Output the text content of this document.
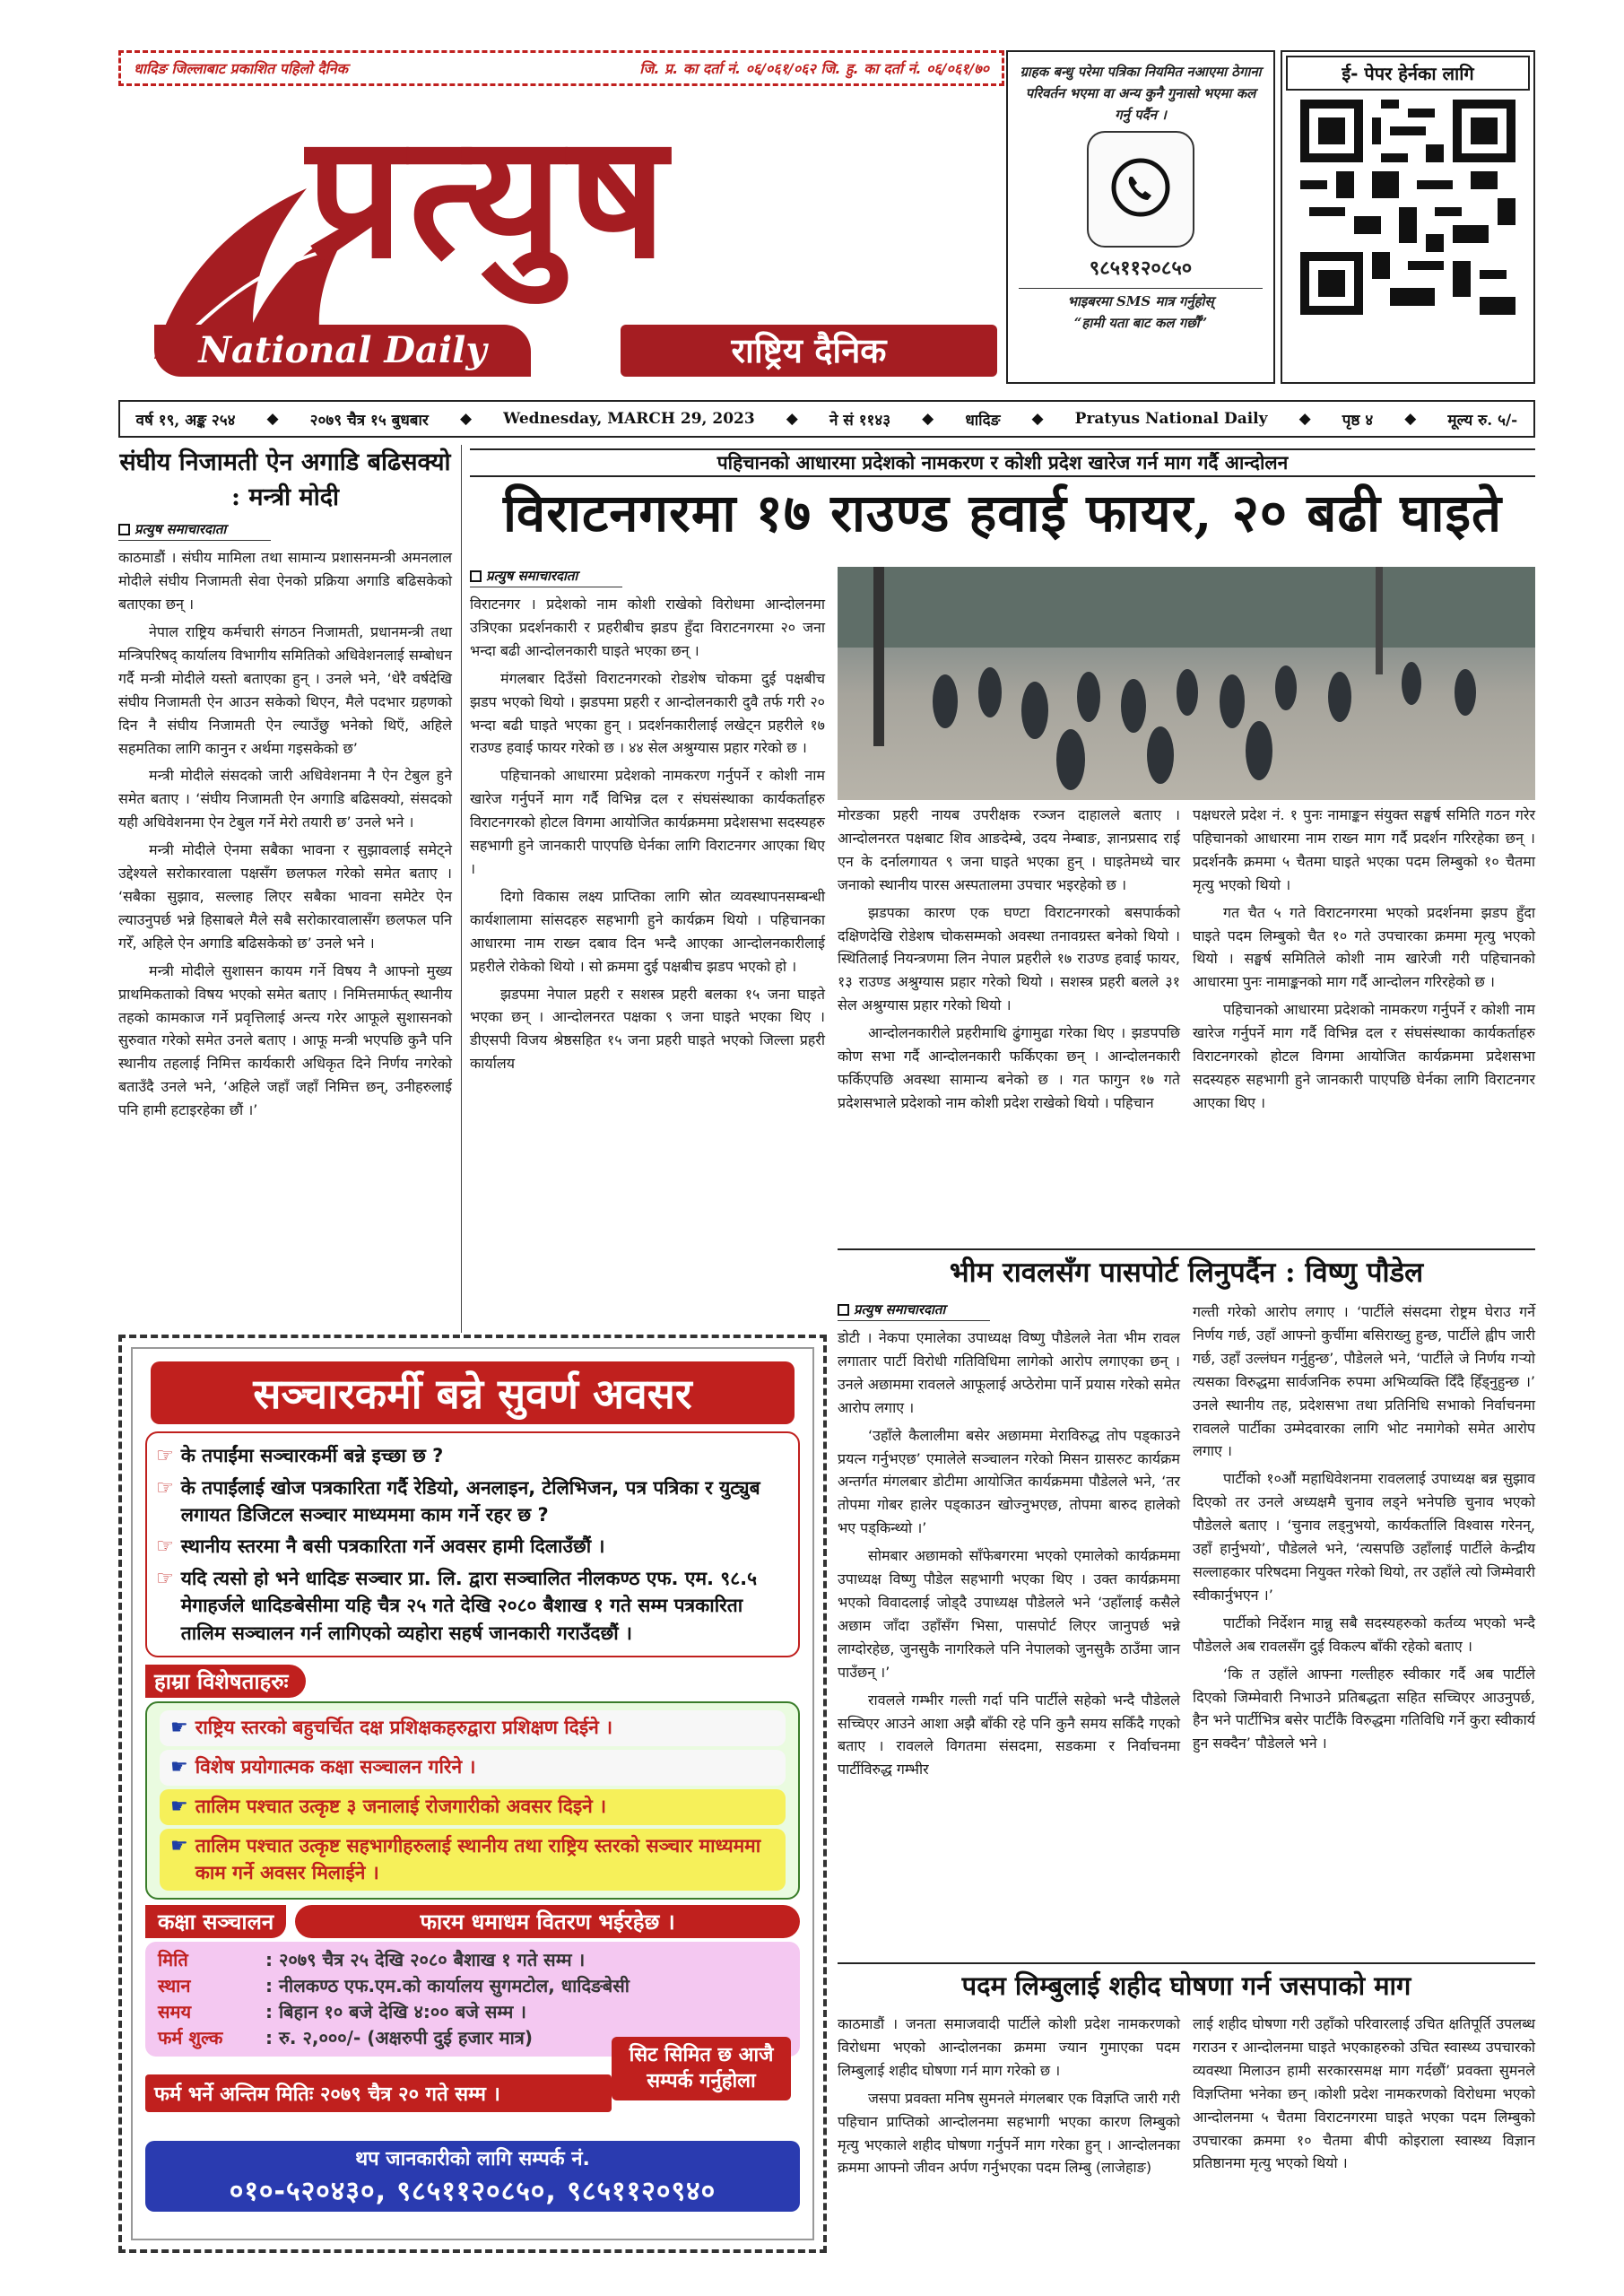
धादिङ जिल्लाबाट प्रकाशित पहिलो दैनिक	जि. प्र. का दर्ता नं. ०६/०६१/०६२ जि. हु. का दर्ता नं. ०६/०६१/७०
प्रत्युष
National Daily	राष्ट्रिय दैनिक
ग्राहक बन्धु परेमा पत्रिका नियमित नआएमा ठेगाना परिवर्तन भएमा वा अन्य कुनै गुनासो भएमा कल गर्नु पर्दैन ।
९८५११२०८५०
भाइबरमा SMS मात्र गर्नुहोस्
“हामी यता बाट कल गर्छौं”
ई- पेपर हेर्नका लागि
वर्ष १९, अङ्क २५४ ◆ २०७९ चैत्र १५ बुधबार ◆ Wednesday, MARCH 29, 2023 ◆ ने सं ११४३ ◆ धादिङ ◆ Pratyus National Daily ◆ पृष्ठ ४ ◆ मूल्य रु. ५/-
संघीय निजामती ऐन अगाडि बढिसक्यो : मन्त्री मोदी
प्रत्युष समाचारदाता

काठमाडौं । संघीय मामिला तथा सामान्य प्रशासनमन्त्री अमनलाल मोदीले संघीय निजामती सेवा ऐनको प्रक्रिया अगाडि बढिसकेको बताएका छन् ।

नेपाल राष्ट्रिय कर्मचारी संगठन निजामती, प्रधानमन्त्री तथा मन्त्रिपरिषद् कार्यालय विभागीय समितिको अधिवेशनलाई सम्बोधन गर्दै मन्त्री मोदीले यस्तो बताएका हुन् । उनले भने, ‘धेरै वर्षदेखि संघीय निजामती ऐन आउन सकेको थिएन, मैले पदभार ग्रहणको दिन नै संघीय निजामती ऐन ल्याउँछु भनेको थिएँ, अहिले सहमतिका लागि कानुन र अर्थमा गइसकेको छ’

मन्त्री मोदीले संसदको जारी अधिवेशनमा नै ऐन टेबुल हुने समेत बताए । ‘संघीय निजामती ऐन अगाडि बढिसक्यो, संसदको यही अधिवेशनमा ऐन टेबुल गर्ने मेरो तयारी छ’ उनले भने ।

मन्त्री मोदीले ऐनमा सबैका भावना र सुझावलाई समेट्ने उद्देश्यले सरोकारवाला पक्षसँग छलफल गरेको समेत बताए । ‘सबैका सुझाव, सल्लाह लिएर सबैका भावना समेटेर ऐन ल्याउनुपर्छ भन्ने हिसाबले मैले सबै सरोकारवालासँग छलफल पनि गरेँ, अहिले ऐन अगाडि बढिसकेको छ’ उनले भने ।

मन्त्री मोदीले सुशासन कायम गर्ने विषय नै आफ्नो मुख्य प्राथमिकताको विषय भएको समेत बताए । निमित्तमार्फत् स्थानीय तहको कामकाज गर्ने प्रवृत्तिलाई अन्त्य गरेर आफूले सुशासनको सुरुवात गरेको समेत उनले बताए । आफू मन्त्री भएपछि कुनै पनि स्थानीय तहलाई निमित्त कार्यकारी अधिकृत दिने निर्णय नगरेको बताउँदै उनले भने, ‘अहिले जहाँ जहाँ निमित्त छन्, उनीहरुलाई पनि हामी हटाइरहेका छौं ।’

पहिचानको आधारमा प्रदेशको नामकरण र कोशी प्रदेश खारेज गर्न माग गर्दै आन्दोलन
विराटनगरमा १७ राउण्ड हवाई फायर, २० बढी घाइते
प्रत्युष समाचारदाता

विराटनगर । प्रदेशको नाम कोशी राखेको विरोधमा आन्दोलनमा उत्रिएका प्रदर्शनकारी र प्रहरीबीच झडप हुँदा विराटनगरमा २० जना भन्दा बढी आन्दोलनकारी घाइते भएका छन् ।

मंगलबार दिउँसो विराटनगरको रोडशेष चोकमा दुई पक्षबीच झडप भएको थियो । झडपमा प्रहरी र आन्दोलनकारी दुवै तर्फ गरी २० भन्दा बढी घाइते भएका हुन् । प्रदर्शनकारीलाई लखेट्न प्रहरीले १७ राउण्ड हवाई फायर गरेको छ । ४४ सेल अश्रुग्यास प्रहार गरेको छ ।

पहिचानको आधारमा प्रदेशको नामकरण गर्नुपर्ने र कोशी नाम खारेज गर्नुपर्ने माग गर्दै विभिन्न दल र संघसंस्थाका कार्यकर्ताहरु विराटनगरको होटल विगमा आयोजित कार्यक्रममा प्रदेशसभा सदस्यहरु सहभागी हुने जानकारी पाएपछि घेर्नका लागि विराटनगर आएका थिए ।

दिगो विकास लक्ष्य प्राप्तिका लागि स्रोत व्यवस्थापनसम्बन्धी कार्यशालामा सांसदहरु सहभागी हुने कार्यक्रम थियो । पहिचानका आधारमा नाम राख्न दबाव दिन भन्दै आएका आन्दोलनकारीलाई प्रहरीले रोकेको थियो । सो क्रममा दुई पक्षबीच झडप भएको हो ।

झडपमा नेपाल प्रहरी र सशस्त्र प्रहरी बलका १५ जना घाइते भएका छन् । आन्दोलनरत पक्षका ९ जना घाइते भएका थिए । डीएसपी विजय श्रेष्ठसहित १५ जना प्रहरी घाइते भएको जिल्ला प्रहरी कार्यालय

मोरङका प्रहरी नायब उपरीक्षक रञ्जन दाहालले बताए । आन्दोलनरत पक्षबाट शिव आङदेम्बे, उदय नेम्बाङ, ज्ञानप्रसाद राई एन के दर्नालगायत ९ जना घाइते भएका हुन् । घाइतेमध्ये चार जनाको स्थानीय पारस अस्पतालमा उपचार भइरहेको छ ।

झडपका कारण एक घण्टा विराटनगरको बसपार्कको दक्षिणदेखि रोडेशष चोकसम्मको अवस्था तनावग्रस्त बनेको थियो । स्थितिलाई नियन्त्रणमा लिन नेपाल प्रहरीले १७ राउण्ड हवाई फायर, १३ राउण्ड अश्रुग्यास प्रहार गरेको थियो । सशस्त्र प्रहरी बलले ३१ सेल अश्रुग्यास प्रहार गरेको थियो ।

आन्दोलनकारीले प्रहरीमाथि ढुंगामुढा गरेका थिए । झडपपछि कोण सभा गर्दै आन्दोलनकारी फर्किएका छन् । आन्दोलनकारी फर्किएपछि अवस्था सामान्य बनेको छ । गत फागुन १७ गते प्रदेशसभाले प्रदेशको नाम कोशी प्रदेश राखेको थियो । पहिचान

पक्षधरले प्रदेश नं. १ पुनः नामाङ्कन संयुक्त सङ्घर्ष समिति गठन गरेर पहिचानको आधारमा नाम राख्न माग गर्दै प्रदर्शन गरिरहेका छन् । प्रदर्शनकै क्रममा ५ चैतमा घाइते भएका पदम लिम्बुको १० चैतमा मृत्यु भएको थियो ।

गत चैत ५ गते विराटनगरमा भएको प्रदर्शनमा झडप हुँदा घाइते पदम लिम्बुको चैत १० गते उपचारका क्रममा मृत्यु भएको थियो । सङ्घर्ष समितिले कोशी नाम खारेजी गरी पहिचानको आधारमा पुनः नामाङ्कनको माग गर्दै आन्दोलन गरिरहेको छ ।

पहिचानको आधारमा प्रदेशको नामकरण गर्नुपर्ने र कोशी नाम खारेज गर्नुपर्ने माग गर्दै विभिन्न दल र संघसंस्थाका कार्यकर्ताहरु विराटनगरको होटल विगमा आयोजित कार्यक्रममा प्रदेशसभा सदस्यहरु सहभागी हुने जानकारी पाएपछि घेर्नका लागि विराटनगर आएका थिए ।

भीम रावलसँग पासपोर्ट लिनुपर्दैन : विष्णु पौडेल
प्रत्युष समाचारदाता

डोटी । नेकपा एमालेका उपाध्यक्ष विष्णु पौडेलले नेता भीम रावल लगातार पार्टी विरोधी गतिविधिमा लागेको आरोप लगाएका छन् । उनले अछाममा रावलले आफूलाई अप्ठेरोमा पार्ने प्रयास गरेको समेत आरोप लगाए ।

‘उहाँले कैलालीमा बसेर अछाममा मेराविरुद्ध तोप पड्काउने प्रयत्न गर्नुभएछ’ एमालेले सञ्चालन गरेको मिसन ग्रासरुट कार्यक्रम अन्तर्गत मंगलबार डोटीमा आयोजित कार्यक्रममा पौडेलले भने, ‘तर तोपमा गोबर हालेर पड्काउन खोज्नुभएछ, तोपमा बारुद हालेको भए पड्किन्थ्यो ।’

सोमबार अछामको साँफेबगरमा भएको एमालेको कार्यक्रममा उपाध्यक्ष विष्णु पौडेल सहभागी भएका थिए । उक्त कार्यक्रममा भएको विवादलाई जोड्दै उपाध्यक्ष पौडेलले भने ‘उहाँलाई कसैले अछाम जाँदा उहाँसँग भिसा, पासपोर्ट लिएर जानुपर्छ भन्ने लाग्दोरहेछ, जुनसुकै नागरिकले पनि नेपालको जुनसुकै ठाउँमा जान पाउँछन् ।’

रावलले गम्भीर गल्ती गर्दा पनि पार्टीले सहेको भन्दै पौडेलले सच्चिएर आउने आशा अझै बाँकी रहे पनि कुनै समय सकिँदै गएको बताए । रावलले विगतमा संसदमा, सडकमा र निर्वाचनमा पार्टीविरुद्ध गम्भीर

गल्ती गरेको आरोप लगाए । ‘पार्टीले संसदमा रोष्ट्रम घेराउ गर्ने निर्णय गर्छ, उहाँ आफ्नो कुर्चीमा बसिराख्नु हुन्छ, पार्टीले ह्वीप जारी गर्छ, उहाँ उल्लंघन गर्नुहुन्छ’, पौडेलले भने, ‘पार्टीले जे निर्णय गऱ्यो त्यसका विरुद्धमा सार्वजनिक रुपमा अभिव्यक्ति दिँदै हिँड्नुहुन्छ ।’ उनले स्थानीय तह, प्रदेशसभा तथा प्रतिनिधि सभाको निर्वाचनमा रावलले पार्टीका उम्मेदवारका लागि भोट नमागेको समेत आरोप लगाए ।

पार्टीको १०औं महाधिवेशनमा रावललाई उपाध्यक्ष बन्न सुझाव दिएको तर उनले अध्यक्षमै चुनाव लड्ने भनेपछि चुनाव भएको पौडेलले बताए । ‘चुनाव लड्नुभयो, कार्यकर्तालि विश्वास गरेनन्, उहाँ हार्नुभयो’, पौडेलले भने, ‘त्यसपछि उहाँलाई पार्टीले केन्द्रीय सल्लाहकार परिषदमा नियुक्त गरेको थियो, तर उहाँले त्यो जिम्मेवारी स्वीकार्नुभएन ।’

पार्टीको निर्देशन मान्नु सबै सदस्यहरुको कर्तव्य भएको भन्दै पौडेलले अब रावलसँग दुई विकल्प बाँकी रहेको बताए ।

‘कि त उहाँले आफ्ना गल्तीहरु स्वीकार गर्दै अब पार्टीले दिएको जिम्मेवारी निभाउने प्रतिबद्धता सहित सच्चिएर आउनुपर्छ, हैन भने पार्टीभित्र बसेर पार्टीकै विरुद्धमा गतिविधि गर्ने कुरा स्वीकार्य हुन सक्दैन’ पौडेलले भने ।

पदम लिम्बुलाई शहीद घोषणा गर्न जसपाको माग

काठमाडौं । जनता समाजवादी पार्टीले कोशी प्रदेश नामकरणको विरोधमा भएको आन्दोलनका क्रममा ज्यान गुमाएका पदम लिम्बुलाई शहीद घोषणा गर्न माग गरेको छ ।

जसपा प्रवक्ता मनिष सुमनले मंगलबार एक विज्ञप्ति जारी गरी पहिचान प्राप्तिको आन्दोलनमा सहभागी भएका कारण लिम्बुको मृत्यु भएकाले शहीद घोषणा गर्नुपर्ने माग गरेका हुन् । आन्दोलनका क्रममा आफ्नो जीवन अर्पण गर्नुभएका पदम लिम्बु (लाजेहाङ)

लाई शहीद घोषणा गरी उहाँको परिवारलाई उचित क्षतिपूर्ति उपलब्ध गराउन र आन्दोलनमा घाइते भएकाहरुको उचित स्वास्थ्य उपचारको व्यवस्था मिलाउन हामी सरकारसमक्ष माग गर्दछौं’ प्रवक्ता सुमनले विज्ञप्तिमा भनेका छन् ।कोशी प्रदेश नामकरणको विरोधमा भएको आन्दोलनमा ५ चैतमा विराटनगरमा घाइते भएका पदम लिम्बुको उपचारका क्रममा १० चैतमा बीपी कोइराला स्वास्थ्य विज्ञान प्रतिष्ठानमा मृत्यु भएको थियो ।

सञ्चारकर्मी बन्ने सुवर्ण अवसर
☞ के तपाईंमा सञ्चारकर्मी बन्ने इच्छा छ ?
☞ के तपाईंलाई खोज पत्रकारिता गर्दै रेडियो, अनलाइन, टेलिभिजन, पत्र पत्रिका र युट्युब लगायत डिजिटल सञ्चार माध्यममा काम गर्ने रहर छ ?
☞ स्थानीय स्तरमा नै बसी पत्रकारिता गर्ने अवसर हामी दिलाउँछौं ।
☞ यदि त्यसो हो भने धादिङ सञ्चार प्रा. लि. द्वारा सञ्चालित नीलकण्ठ एफ. एम. ९८.५ मेगाहर्जले धादिङबेसीमा यहि चैत्र २५ गते देखि २०८० बैशाख १ गते सम्म पत्रकारिता तालिम सञ्चालन गर्न लागिएको व्यहोरा सहर्ष जानकारी गराउँदछौं ।
हाम्रा विशेषताहरुः
☛ राष्ट्रिय स्तरको बहुचर्चित दक्ष प्रशिक्षकहरुद्वारा प्रशिक्षण दिईने ।
☛ विशेष प्रयोगात्मक कक्षा सञ्चालन गरिने ।
☛ तालिम पश्चात उत्कृष्ट ३ जनालाई रोजगारीको अवसर दिइने ।
☛ तालिम पश्चात उत्कृष्ट सहभागीहरुलाई स्थानीय तथा राष्ट्रिय स्तरको सञ्चार माध्यममा काम गर्ने अवसर मिलाईने ।
कक्षा सञ्चालन	फारम धमाधम वितरण भईरहेछ ।
मिति	: २०७९ चैत्र २५ देखि २०८० बैशाख १ गते सम्म ।
स्थान	: नीलकण्ठ एफ.एम.को कार्यालय सुगमटोल, धादिङबेसी
समय	: बिहान १० बजे देखि ४:०० बजे सम्म ।
फर्म शुल्क	: रु. २,०००/- (अक्षरुपी दुई हजार मात्र)
फर्म भर्ने अन्तिम मितिः २०७९ चैत्र २० गते सम्म ।
सिट सिमित छ आजै सम्पर्क गर्नुहोला
थप जानकारीको लागि सम्पर्क नं.
०१०-५२०४३०, ९८५११२०८५०, ९८५११२०९४०
